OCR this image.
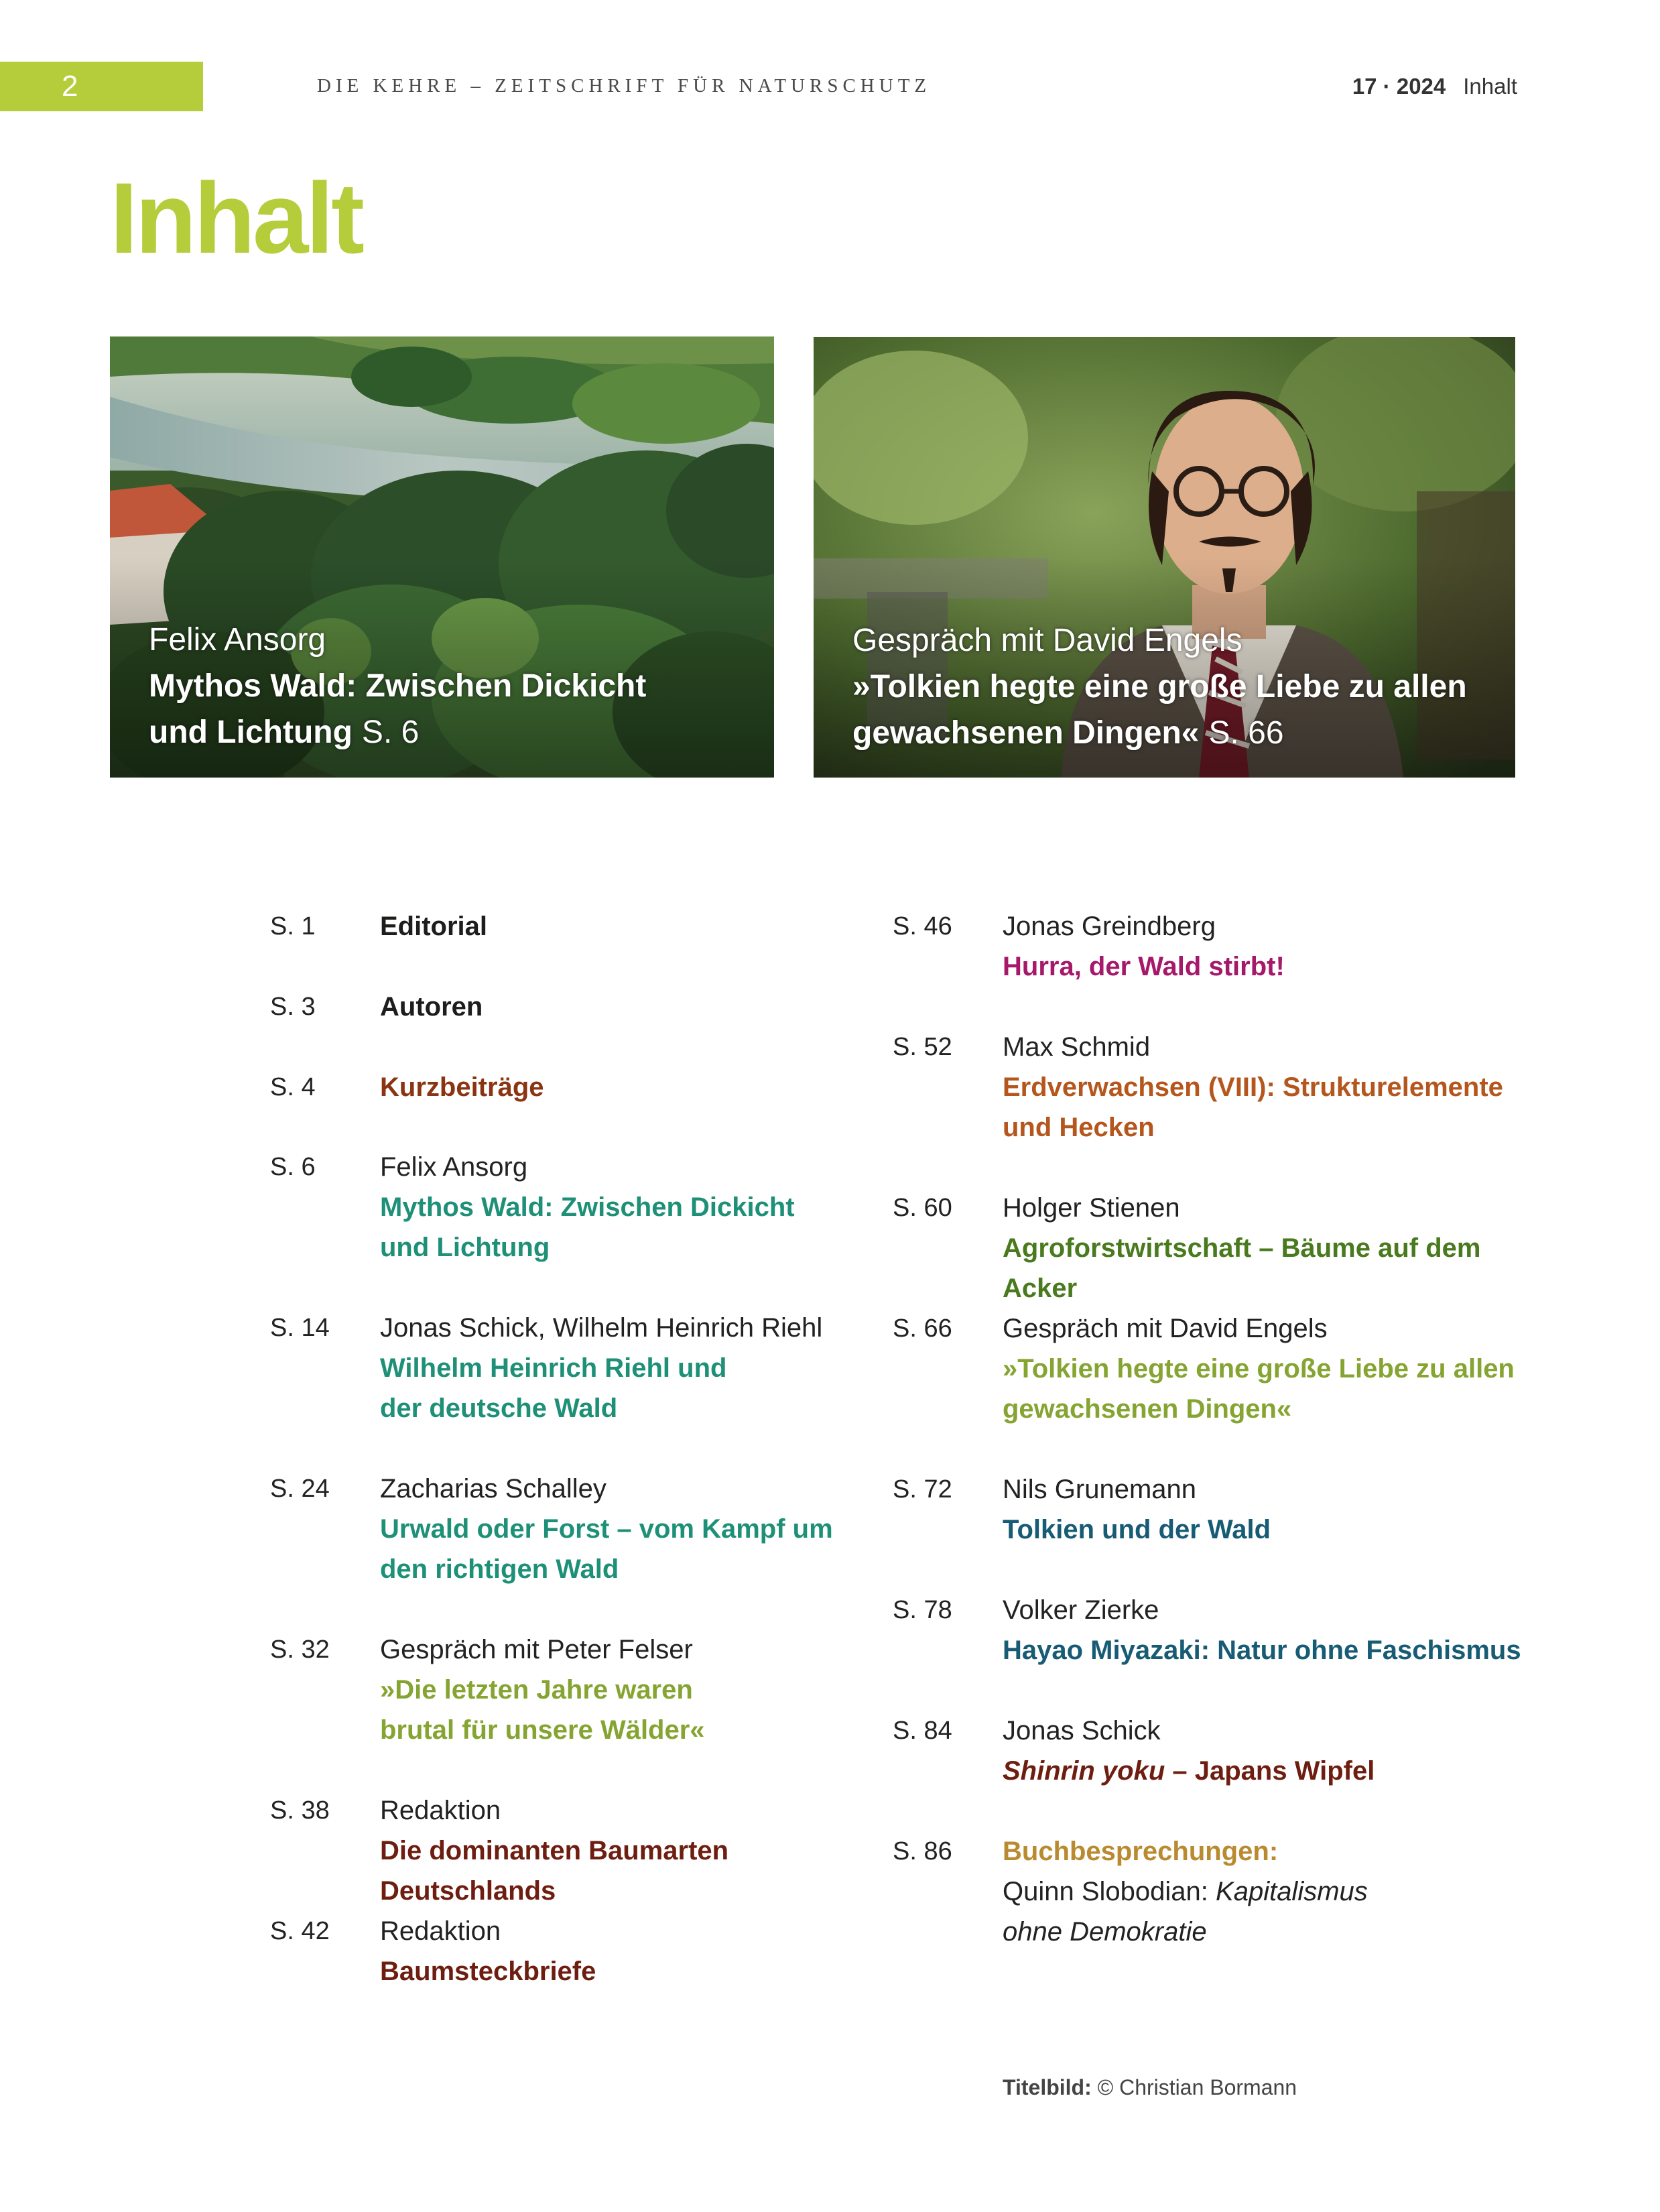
2	DIE KEHRE – ZEITSCHRIFT FÜR NATURSCHUTZ	17 · 2024 Inhalt
Inhalt
Felix Ansorg
Mythos Wald: Zwischen Dickicht
und Lichtung S. 6
Gespräch mit David Engels
»Tolkien hegte eine große Liebe zu allen
gewachsenen Dingen« S. 66
S. 1	Editorial
S. 3	Autoren
S. 4	Kurzbeiträge
S. 6	Felix Ansorg
Mythos Wald: Zwischen Dickicht
und Lichtung
S. 14	Jonas Schick, Wilhelm Heinrich Riehl
Wilhelm Heinrich Riehl und
der deutsche Wald
S. 24	Zacharias Schalley
Urwald oder Forst – vom Kampf um
den richtigen Wald
S. 32	Gespräch mit Peter Felser
»Die letzten Jahre waren
brutal für unsere Wälder«
S. 38	Redaktion
Die dominanten Baumarten Deutschlands
S. 42	Redaktion
Baumsteckbriefe
S. 46	Jonas Greindberg
Hurra, der Wald stirbt!
S. 52	Max Schmid
Erdverwachsen (VIII): Strukturelemente
und Hecken
S. 60	Holger Stienen
Agroforstwirtschaft – Bäume auf dem Acker
S. 66	Gespräch mit David Engels
»Tolkien hegte eine große Liebe zu allen
gewachsenen Dingen«
S. 72	Nils Grunemann
Tolkien und der Wald
S. 78	Volker Zierke
Hayao Miyazaki: Natur ohne Faschismus
S. 84	Jonas Schick
Shinrin yoku – Japans Wipfel
S. 86	Buchbesprechungen:
Quinn Slobodian: Kapitalismus
ohne Demokratie
Titelbild: © Christian Bormann
